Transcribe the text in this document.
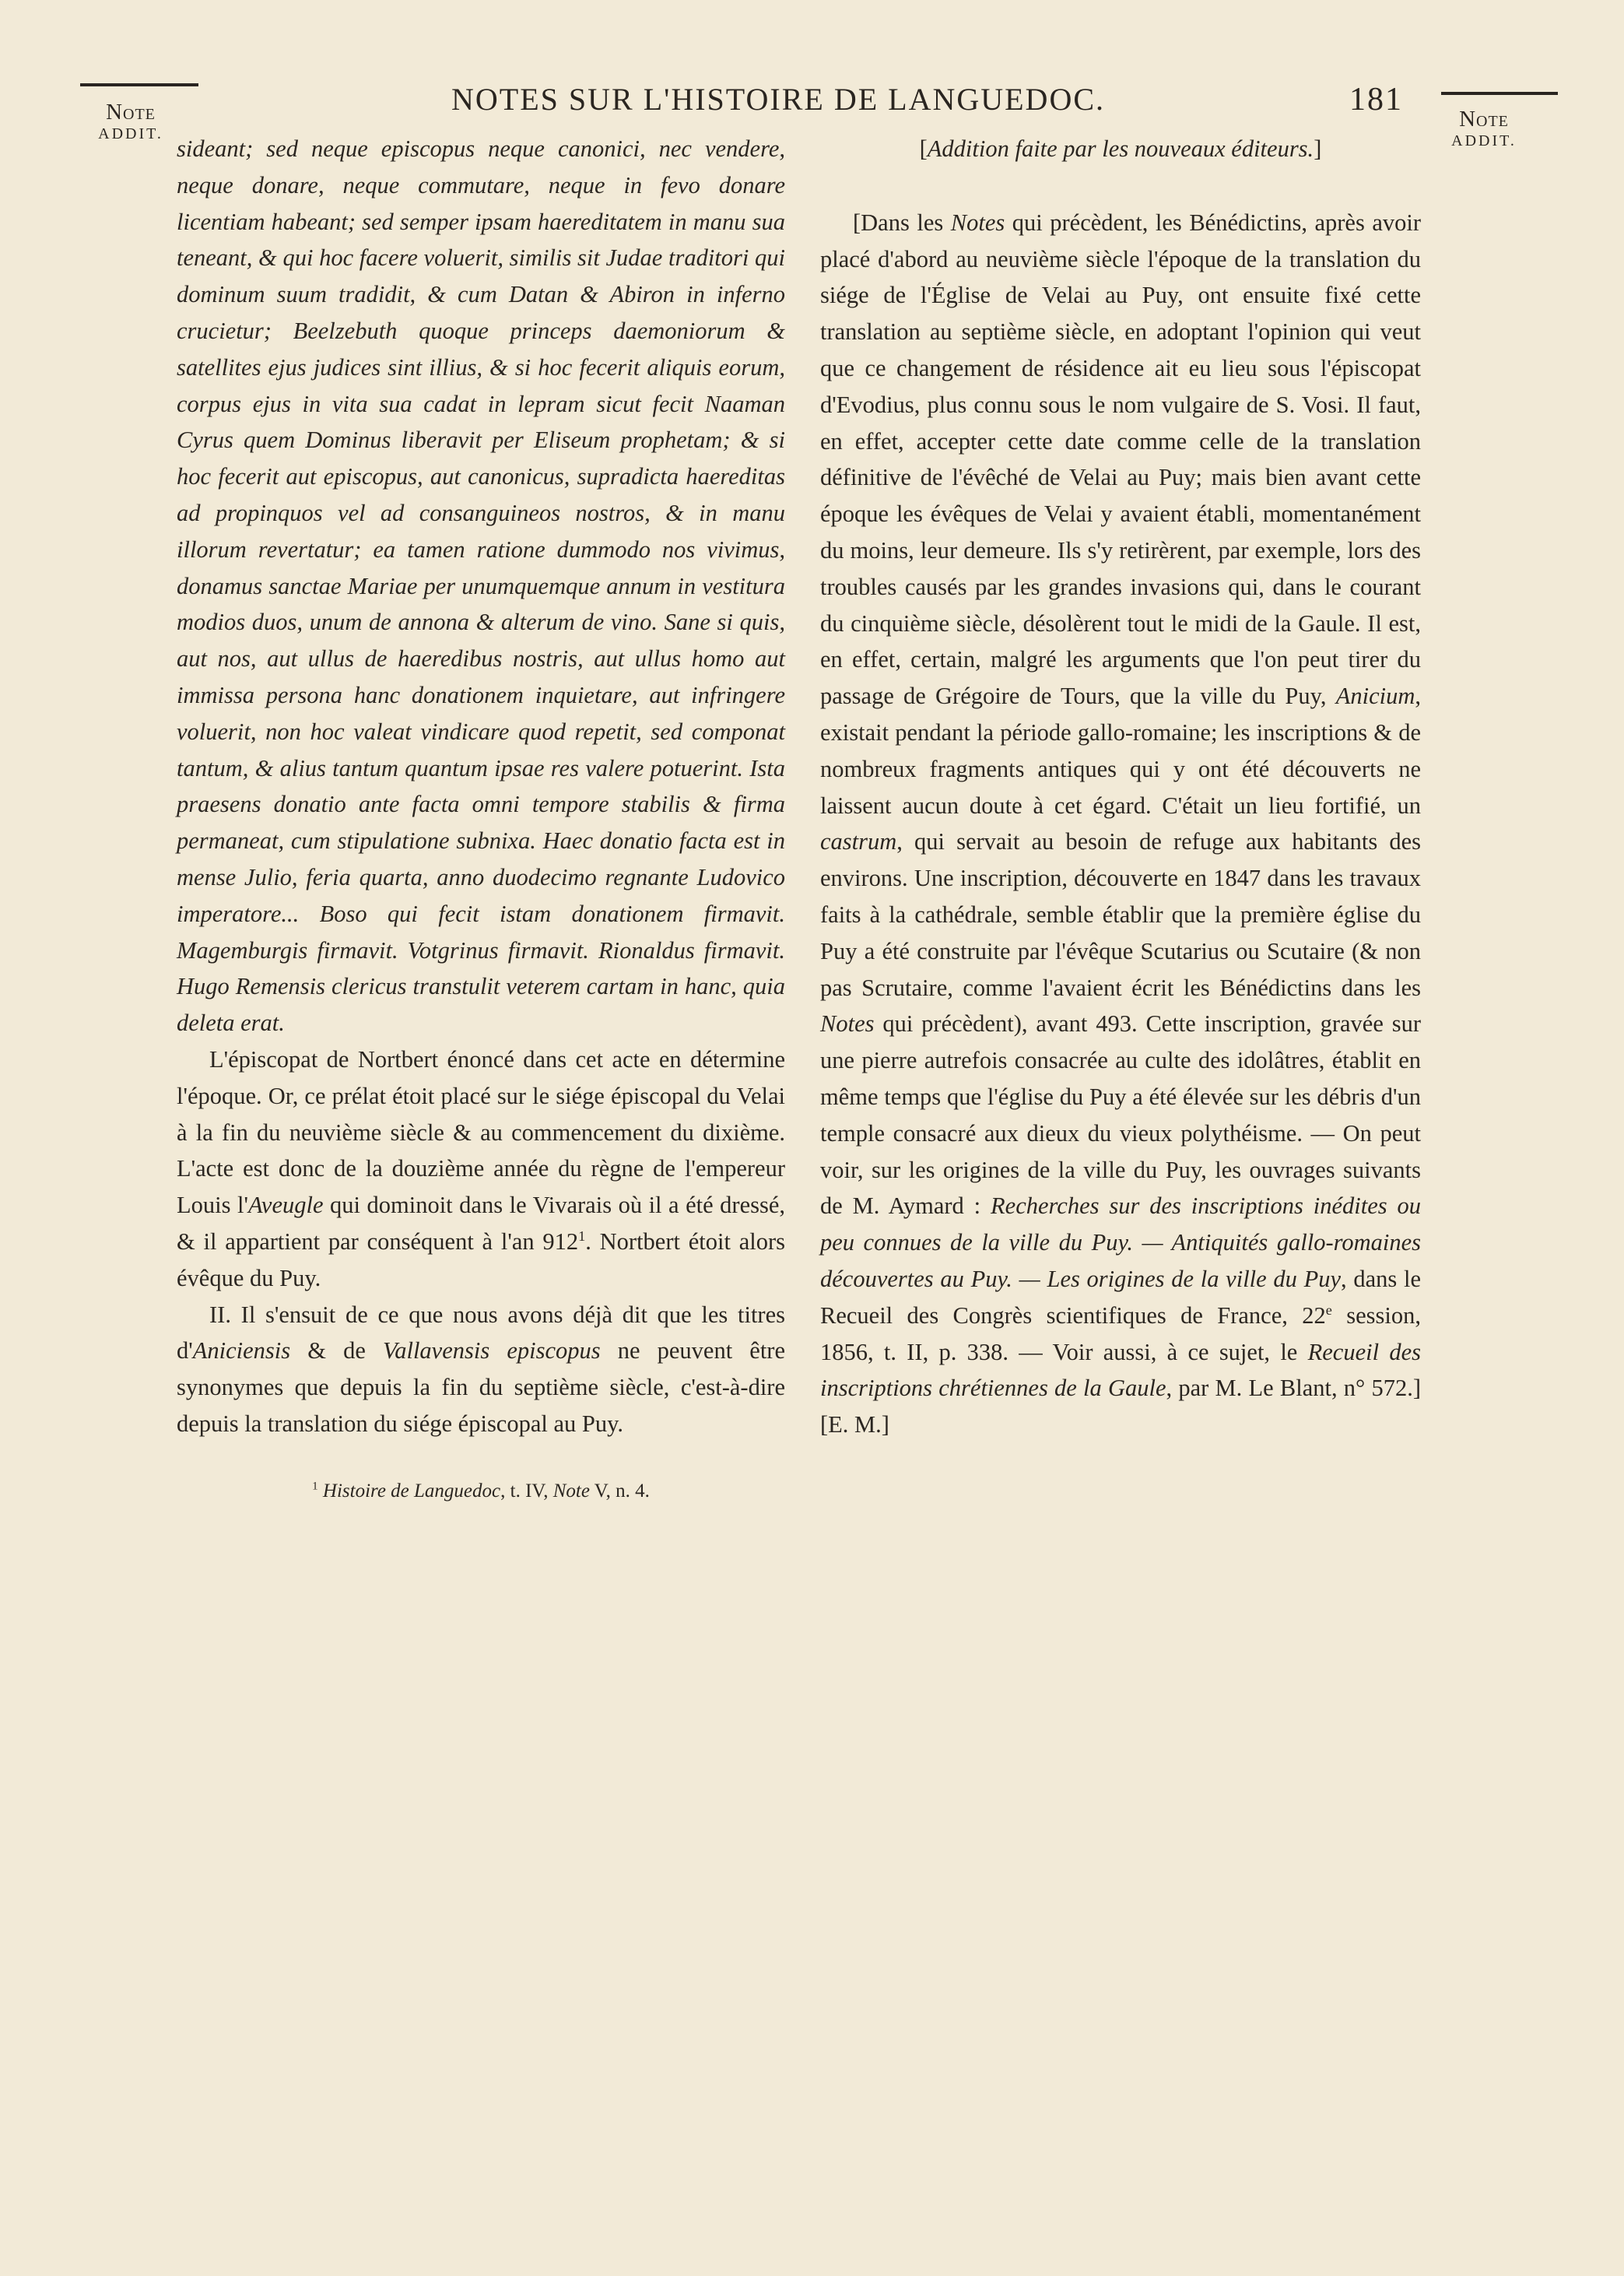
Note
ADDIT.
NOTES SUR L'HISTOIRE DE LANGUEDOC.	181
Note
ADDIT.

sideant; sed neque episcopus neque canonici, nec vendere, neque donare, neque commutare, neque in fevo donare licentiam habeant; sed semper ipsam haereditatem in manu sua teneant, & qui hoc facere voluerit, similis sit Judae traditori qui dominum suum tradidit, & cum Datan & Abiron in inferno crucietur; Beelzebuth quoque princeps daemoniorum & satellites ejus judices sint illius, & si hoc fecerit aliquis eorum, corpus ejus in vita sua cadat in lepram sicut fecit Naaman Cyrus quem Dominus liberavit per Eliseum prophetam; & si hoc fecerit aut episcopus, aut canonicus, supradicta haereditas ad propinquos vel ad consanguineos nostros, & in manu illorum revertatur; ea tamen ratione dummodo nos vivimus, donamus sanctae Mariae per unumquemque annum in vestitura modios duos, unum de annona & alterum de vino. Sane si quis, aut nos, aut ullus de haeredibus nostris, aut ullus homo aut immissa persona hanc donationem inquietare, aut infringere voluerit, non hoc valeat vindicare quod repetit, sed componat tantum, & alius tantum quantum ipsae res valere potuerint. Ista praesens donatio ante facta omni tempore stabilis & firma permaneat, cum stipulatione subnixa. Haec donatio facta est in mense Julio, feria quarta, anno duodecimo regnante Ludovico imperatore... Boso qui fecit istam donationem firmavit. Magemburgis firmavit. Votgrinus firmavit. Rionaldus firmavit. Hugo Remensis clericus transtulit veterem cartam in hanc, quia deleta erat.

L'épiscopat de Nortbert énoncé dans cet acte en détermine l'époque. Or, ce prélat étoit placé sur le siége épiscopal du Velai à la fin du neuvième siècle & au commencement du dixième. L'acte est donc de la douzième année du règne de l'empereur Louis l'Aveugle qui dominoit dans le Vivarais où il a été dressé, & il appartient par conséquent à l'an $912^1$. Nortbert étoit alors évêque du Puy.

II. Il s'ensuit de ce que nous avons déjà dit que les titres d'Aniciensis & de Vallavensis episcopus ne peuvent être synonymes que depuis la fin du septième siècle, c'est-à-dire depuis la translation du siége épiscopal au Puy.

$^1$ Histoire de Languedoc, t. IV, Note V, n. 4.

[Addition faite par les nouveaux éditeurs.]

[Dans les Notes qui précèdent, les Bénédictins, après avoir placé d'abord au neuvième siècle l'époque de la translation du siége de l'Église de Velai au Puy, ont ensuite fixé cette translation au septième siècle, en adoptant l'opinion qui veut que ce changement de résidence ait eu lieu sous l'épiscopat d'Evodius, plus connu sous le nom vulgaire de S. Vosi. Il faut, en effet, accepter cette date comme celle de la translation définitive de l'évêché de Velai au Puy; mais bien avant cette époque les évêques de Velai y avaient établi, momentanément du moins, leur demeure. Ils s'y retirèrent, par exemple, lors des troubles causés par les grandes invasions qui, dans le courant du cinquième siècle, désolèrent tout le midi de la Gaule. Il est, en effet, certain, malgré les arguments que l'on peut tirer du passage de Grégoire de Tours, que la ville du Puy, Anicium, existait pendant la période gallo-romaine; les inscriptions & de nombreux fragments antiques qui y ont été découverts ne laissent aucun doute à cet égard. C'était un lieu fortifié, un castrum, qui servait au besoin de refuge aux habitants des environs. Une inscription, découverte en 1847 dans les travaux faits à la cathédrale, semble établir que la première église du Puy a été construite par l'évêque Scutarius ou Scutaire (& non pas Scrutaire, comme l'avaient écrit les Bénédictins dans les Notes qui précèdent), avant 493. Cette inscription, gravée sur une pierre autrefois consacrée au culte des idolâtres, établit en même temps que l'église du Puy a été élevée sur les débris d'un temple consacré aux dieux du vieux polythéisme. — On peut voir, sur les origines de la ville du Puy, les ouvrages suivants de M. Aymard : Recherches sur des inscriptions inédites ou peu connues de la ville du Puy. — Antiquités gallo-romaines découvertes au Puy. — Les origines de la ville du Puy, dans le Recueil des Congrès scientifiques de France, 22e session, 1856, t. II, p. 338. — Voir aussi, à ce sujet, le Recueil des inscriptions chrétiennes de la Gaule, par M. Le Blant, n° 572.] [E. M.]
